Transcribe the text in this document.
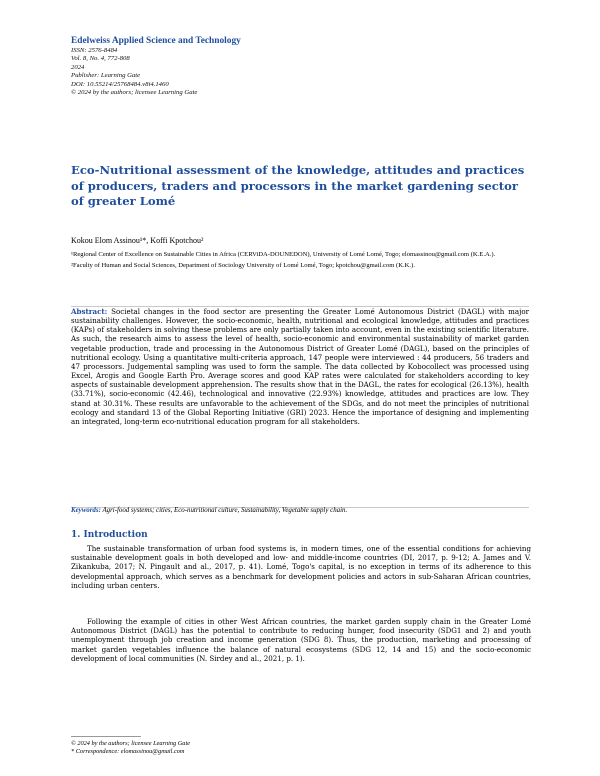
Edelweiss Applied Science and Technology
ISSN: 2576-8484
Vol. 8, No. 4, 772-808
2024
Publisher: Learning Gate
DOI: 10.55214/25768484.v8i4.1460
© 2024 by the authors; licensee Learning Gate
Eco-Nutritional assessment of the knowledge, attitudes and practices of producers, traders and processors in the market gardening sector of greater Lomé
Kokou Elom Assinou¹*, Koffi Kpotchou²

¹Regional Center of Excellence on Sustainable Cities in Africa (CERViDA-DOUNEDON), University of Lomé Lomé, Togo; elomassinou@gmail.com (K.E.A.).

²Faculty of Human and Social Sciences, Department of Sociology University of Lomé Lomé, Togo; kpotchou@gmail.com (K.K.).

Abstract: Societal changes in the food sector are presenting the Greater Lomé Autonomous District (DAGL) with major sustainability challenges. However, the socio-economic, health, nutritional and ecological knowledge, attitudes and practices (KAPs) of stakeholders in solving these problems are only partially taken into account, even in the existing scientific literature. As such, the research aims to assess the level of health, socio-economic and environmental sustainability of market garden vegetable production, trade and processing in the Autonomous District of Greater Lomé (DAGL), based on the principles of nutritional ecology. Using a quantitative multi-criteria approach, 147 people were interviewed : 44 producers, 56 traders and 47 processors. Judgemental sampling was used to form the sample. The data collected by Kobocollect was processed using Excel, Arcgis and Google Earth Pro. Average scores and good KAP rates were calculated for stakeholders according to key aspects of sustainable development apprehension. The results show that in the DAGL, the rates for ecological (26.13%), health (33.71%), socio-economic (42.46), technological and innovative (22.93%) knowledge, attitudes and practices are low. They stand at 30.31%. These results are unfavorable to the achievement of the SDGs, and do not meet the principles of nutritional ecology and standard 13 of the Global Reporting Initiative (GRI) 2023. Hence the importance of designing and implementing an integrated, long-term eco-nutritional education program for all stakeholders.
Keywords: Agri-food systems; cities, Eco-nutritional culture, Sustainability, Vegetable supply chain.
1. Introduction
The sustainable transformation of urban food systems is, in modern times, one of the essential conditions for achieving sustainable development goals in both developed and low- and middle-income countries (DI, 2017, p. 9-12; A. James and V. Zikankuba, 2017; N. Pingault and al., 2017, p. 41). Lomé, Togo's capital, is no exception in terms of its adherence to this developmental approach, which serves as a benchmark for development policies and actors in sub-Saharan African countries, including urban centers.
Following the example of cities in other West African countries, the market garden supply chain in the Greater Lomé Autonomous District (DAGL) has the potential to contribute to reducing hunger, food insecurity (SDG1 and 2) and youth unemployment through job creation and income generation (SDG 8). Thus, the production, marketing and processing of market garden vegetables influence the balance of natural ecosystems (SDG 12, 14 and 15) and the socio-economic development of local communities (N. Sirdey and al., 2021, p. 1).
© 2024 by the authors; licensee Learning Gate
* Correspondence: elomassinou@gmail.com
